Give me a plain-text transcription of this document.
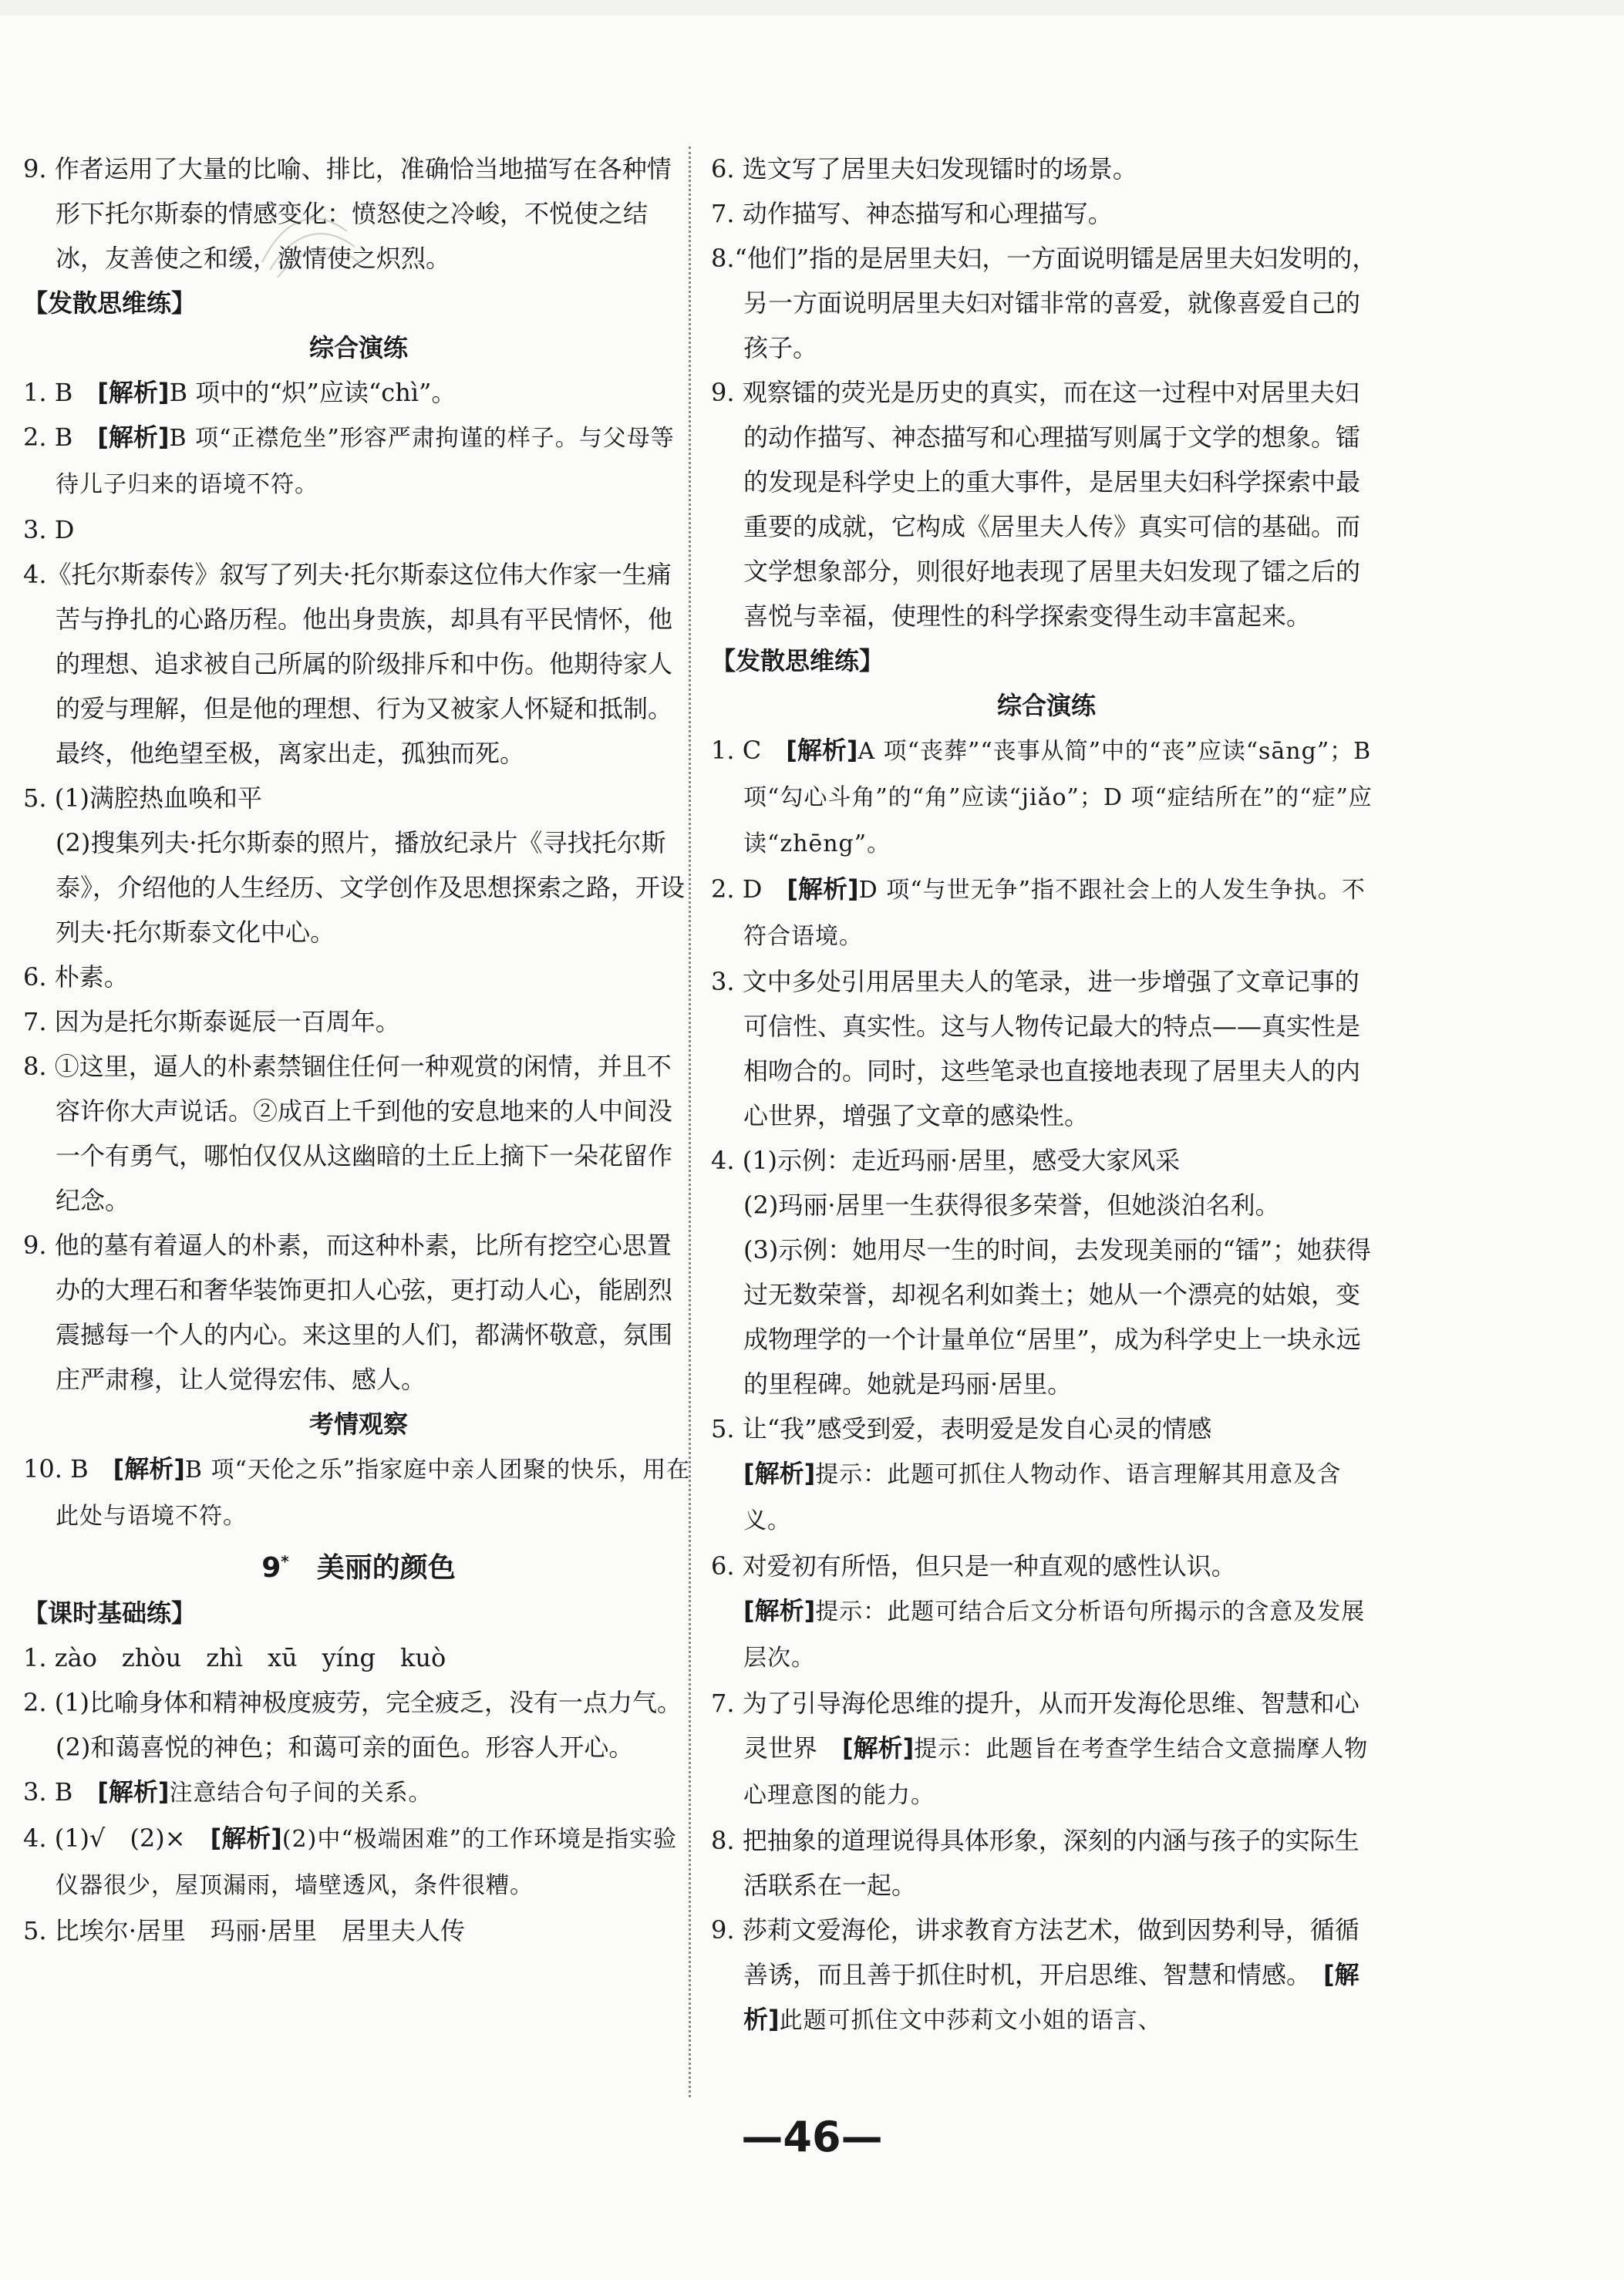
9. 作者运用了大量的比喻、排比，准确恰当地描写在各种情形下托尔斯泰的情感变化：愤怒使之冷峻，不悦使之结冰，友善使之和缓，激情使之炽烈。

【发散思维练】

综合演练

1. B　[解析]B 项中的“炽”应读“chì”。

2. B　[解析]B 项“正襟危坐”形容严肃拘谨的样子。与父母等待儿子归来的语境不符。

3. D

4.《托尔斯泰传》叙写了列夫·托尔斯泰这位伟大作家一生痛苦与挣扎的心路历程。他出身贵族，却具有平民情怀，他的理想、追求被自己所属的阶级排斥和中伤。他期待家人的爱与理解，但是他的理想、行为又被家人怀疑和抵制。最终，他绝望至极，离家出走，孤独而死。

5. (1)满腔热血唤和平

(2)搜集列夫·托尔斯泰的照片，播放纪录片《寻找托尔斯泰》，介绍他的人生经历、文学创作及思想探索之路，开设列夫·托尔斯泰文化中心。

6. 朴素。

7. 因为是托尔斯泰诞辰一百周年。

8. ①这里，逼人的朴素禁锢住任何一种观赏的闲情，并且不容许你大声说话。②成百上千到他的安息地来的人中间没一个有勇气，哪怕仅仅从这幽暗的土丘上摘下一朵花留作纪念。

9. 他的墓有着逼人的朴素，而这种朴素，比所有挖空心思置办的大理石和奢华装饰更扣人心弦，更打动人心，能剧烈震撼每一个人的内心。来这里的人们，都满怀敬意，氛围庄严肃穆，让人觉得宏伟、感人。

考情观察

10. B　[解析]B 项“天伦之乐”指家庭中亲人团聚的快乐，用在此处与语境不符。

9*　 美丽的颜色

【课时基础练】

1. zào　zhòu　zhì　xū　yíng　kuò

2. (1)比喻身体和精神极度疲劳，完全疲乏，没有一点力气。

(2)和蔼喜悦的神色；和蔼可亲的面色。形容人开心。

3. B　[解析]注意结合句子间的关系。

4. (1)√　(2)×　[解析](2)中“极端困难”的工作环境是指实验仪器很少，屋顶漏雨，墙壁透风，条件很糟。

5. 比埃尔·居里　玛丽·居里　居里夫人传

6. 选文写了居里夫妇发现镭时的场景。

7. 动作描写、神态描写和心理描写。

8.“他们”指的是居里夫妇，一方面说明镭是居里夫妇发明的，另一方面说明居里夫妇对镭非常的喜爱，就像喜爱自己的孩子。

9. 观察镭的荧光是历史的真实，而在这一过程中对居里夫妇的动作描写、神态描写和心理描写则属于文学的想象。镭的发现是科学史上的重大事件，是居里夫妇科学探索中最重要的成就，它构成《居里夫人传》真实可信的基础。而文学想象部分，则很好地表现了居里夫妇发现了镭之后的喜悦与幸福，使理性的科学探索变得生动丰富起来。

【发散思维练】

综合演练

1. C　[解析]A 项“丧葬”“丧事从简”中的“丧”应读“sāng”；B 项“勾心斗角”的“角”应读“jiǎo”；D 项“症结所在”的“症”应读“zhēng”。

2. D　[解析]D 项“与世无争”指不跟社会上的人发生争执。不符合语境。

3. 文中多处引用居里夫人的笔录，进一步增强了文章记事的可信性、真实性。这与人物传记最大的特点——真实性是相吻合的。同时，这些笔录也直接地表现了居里夫人的内心世界，增强了文章的感染性。

4. (1)示例：走近玛丽·居里，感受大家风采

(2)玛丽·居里一生获得很多荣誉，但她淡泊名利。

(3)示例：她用尽一生的时间，去发现美丽的“镭”；她获得过无数荣誉，却视名利如粪土；她从一个漂亮的姑娘，变成物理学的一个计量单位“居里”，成为科学史上一块永远的里程碑。她就是玛丽·居里。

5. 让“我”感受到爱，表明爱是发自心灵的情感

[解析]提示：此题可抓住人物动作、语言理解其用意及含义。

6. 对爱初有所悟，但只是一种直观的感性认识。

[解析]提示：此题可结合后文分析语句所揭示的含意及发展层次。

7. 为了引导海伦思维的提升，从而开发海伦思维、智慧和心灵世界　[解析]提示：此题旨在考查学生结合文意揣摩人物心理意图的能力。

8. 把抽象的道理说得具体形象，深刻的内涵与孩子的实际生活联系在一起。

9. 莎莉文爱海伦，讲求教育方法艺术，做到因势利导，循循善诱，而且善于抓住时机，开启思维、智慧和情感。　[解析]此题可抓住文中莎莉文小姐的语言、

—46—
